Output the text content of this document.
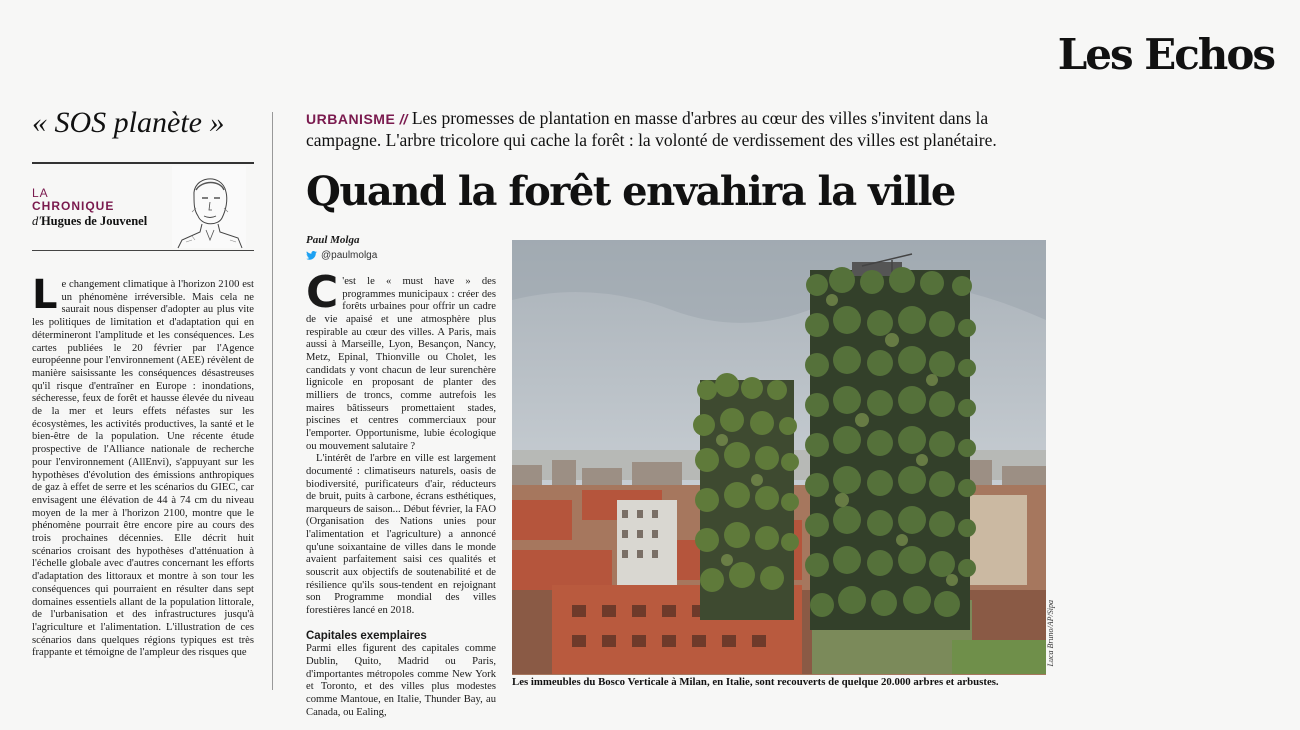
Les Echos
« SOS planète »
LA
CHRONIQUE
d'Hugues de Jouvenel
Le changement climatique à l'horizon 2100 est un phénomène irréversible. Mais cela ne saurait nous dispenser d'adopter au plus vite les politiques de limitation et d'adaptation qui en détermineront l'amplitude et les conséquences. Les cartes publiées le 20 février par l'Agence européenne pour l'environnement (AEE) révèlent de manière saisissante les conséquences désastreuses qu'il risque d'entraîner en Europe : inondations, sécheresse, feux de forêt et hausse élevée du niveau de la mer et leurs effets néfastes sur les écosystèmes, les activités productives, la santé et le bien-être de la population. Une récente étude prospective de l'Alliance nationale de recherche pour l'environnement (AllEnvi), s'appuyant sur les hypothèses d'évolution des émissions anthropiques de gaz à effet de serre et les scénarios du GIEC, car envisagent une élévation de 44 à 74 cm du niveau moyen de la mer à l'horizon 2100, montre que le phénomène pourrait être encore pire au cours des trois prochaines décennies. Elle décrit huit scénarios croisant des hypothèses d'atténuation à l'échelle globale avec d'autres concernant les efforts d'adaptation des littoraux et montre à son tour les conséquences qui pourraient en résulter dans sept domaines essentiels allant de la population littorale, de l'urbanisation et des infrastructures jusqu'à l'agriculture et l'alimentation. L'illustration de ces scénarios dans quelques régions typiques est très frappante et témoigne de l'ampleur des risques que
URBANISME // Les promesses de plantation en masse d'arbres au cœur des villes s'invitent dans la campagne. L'arbre tricolore qui cache la forêt : la volonté de verdissement des villes est planétaire.
Quand la forêt envahira la ville
Paul Molga
@paulmolga

C 'est le « must have » des programmes municipaux : créer des forêts urbaines pour offrir un cadre de vie apaisé et une atmosphère plus respirable au cœur des villes. A Paris, mais aussi à Marseille, Lyon, Besançon, Nancy, Metz, Epinal, Thionville ou Cholet, les candidats y vont chacun de leur surenchère lignicole en proposant de planter des milliers de troncs, comme autrefois les maires bâtisseurs promettaient stades, piscines et centres commerciaux pour l'emporter. Opportunisme, lubie écologique ou mouvement salutaire ?

L'intérêt de l'arbre en ville est largement documenté : climatiseurs naturels, oasis de biodiversité, purificateurs d'air, réducteurs de bruit, puits à carbone, écrans esthétiques, marqueurs de saison... Début février, la FAO (Organisation des Nations unies pour l'alimentation et l'agriculture) a annoncé qu'une soixantaine de villes dans le monde avaient parfaitement saisi ces qualités et souscrit aux objectifs de soutenabilité et de résilience qu'ils sous-tendent en rejoignant son Programme mondial des villes forestières lancé en 2018.

Capitales exemplaires

Parmi elles figurent des capitales comme Dublin, Quito, Madrid ou Paris, d'importantes métropoles comme New York et Toronto, et des villes plus modestes comme Mantoue, en Italie, Thunder Bay, au Canada, ou Ealing,

Luca Bruno/AP/Sipa
Les immeubles du Bosco Verticale à Milan, en Italie, sont recouverts de quelque 20.000 arbres et arbustes.
